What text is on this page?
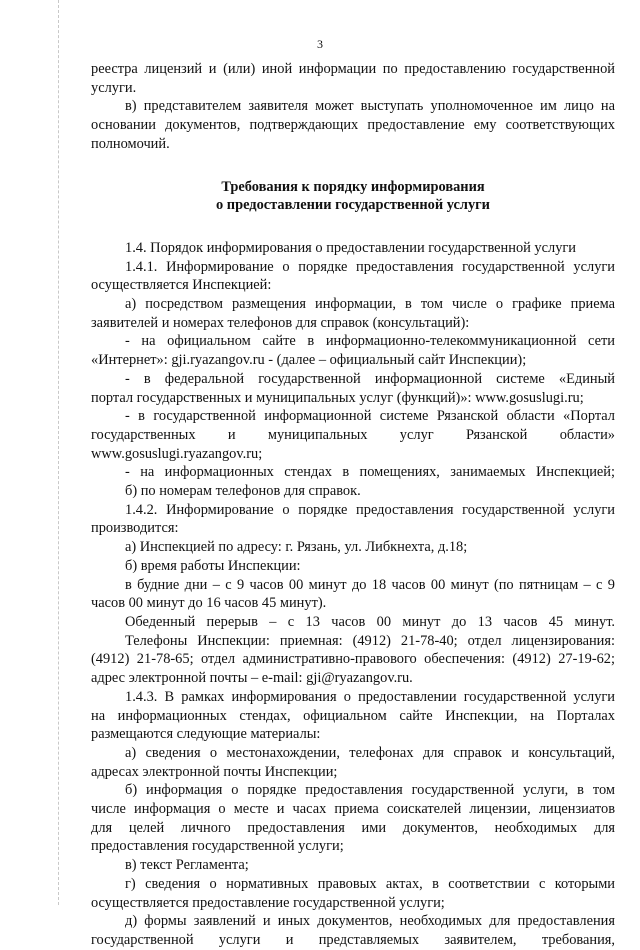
3

реестра лицензий и (или) иной информации по предоставлению государственной

услуги.

в) представителем заявителя может выступать уполномоченное им лицо на

основании документов, подтверждающих предоставление ему соответствующих

полномочий.

Требования к порядку информирования

о предоставлении государственной услуги

1.4. Порядок информирования о предоставлении государственной услуги

1.4.1. Информирование о порядке предоставления государственной услуги

осуществляется Инспекцией:

а) посредством размещения информации, в том числе о графике приема

заявителей и номерах телефонов для справок (консультаций):

- на официальном сайте в информационно-телекоммуникационной сети

«Интернет»: gji.ryazangov.ru - (далее – официальный сайт Инспекции);

- в федеральной государственной информационной системе «Единый

портал государственных и муниципальных услуг (функций)»: www.gosuslugi.ru;

- в государственной информационной системе Рязанской области «Портал

государственных и муниципальных услуг Рязанской области»

www.gosuslugi.ryazangov.ru;

- на информационных стендах в помещениях, занимаемых Инспекцией;

б) по номерам телефонов для справок.

1.4.2. Информирование о порядке предоставления государственной услуги

производится:

а) Инспекцией по адресу: г. Рязань, ул. Либкнехта, д.18;

б) время работы Инспекции:

в будние дни – с 9 часов 00 минут до 18 часов 00 минут (по пятницам – с 9

часов 00 минут до 16 часов 45 минут).

Обеденный перерыв – с 13 часов 00 минут до 13 часов 45 минут.

Телефоны Инспекции: приемная: (4912) 21-78-40; отдел лицензирования:

(4912) 21-78-65; отдел административно-правового обеспечения: (4912) 27-19-62;

адрес электронной почты – e-mail: gji@ryazangov.ru.

1.4.3. В рамках информирования о предоставлении государственной услуги

на информационных стендах, официальном сайте Инспекции, на Порталах

размещаются следующие материалы:

а) сведения о местонахождении, телефонах для справок и консультаций,

адресах электронной почты Инспекции;

б) информация о порядке предоставления государственной услуги, в том

числе информация о месте и часах приема соискателей лицензии, лицензиатов

для целей личного предоставления ими документов, необходимых для

предоставления государственной услуги;

в) текст Регламента;

г) сведения о нормативных правовых актах, в соответствии с которыми

осуществляется предоставление государственной услуги;

д) формы заявлений и иных документов, необходимых для предоставления

государственной услуги и представляемых заявителем, требования,
